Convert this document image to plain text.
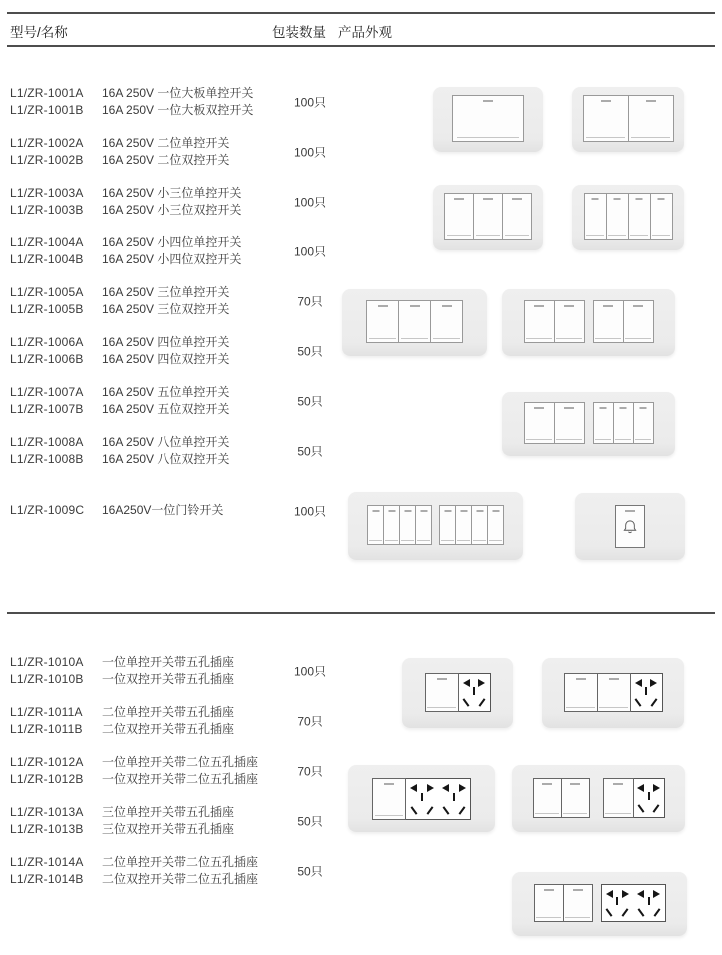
型号/名称	包装数量 产品外观
L1/ZR-1001A	16A 250V 一位大板单控开关
L1/ZR-1001B	16A 250V 一位大板双控开关
100只
L1/ZR-1002A	16A 250V 二位单控开关
L1/ZR-1002B	16A 250V 二位双控开关
100只
L1/ZR-1003A	16A 250V 小三位单控开关
L1/ZR-1003B	16A 250V 小三位双控开关
100只
L1/ZR-1004A	16A 250V 小四位单控开关
L1/ZR-1004B	16A 250V 小四位双控开关
100只
L1/ZR-1005A	16A 250V 三位单控开关
L1/ZR-1005B	16A 250V 三位双控开关
70只
L1/ZR-1006A	16A 250V 四位单控开关
L1/ZR-1006B	16A 250V 四位双控开关
50只
L1/ZR-1007A	16A 250V 五位单控开关
L1/ZR-1007B	16A 250V 五位双控开关
50只
L1/ZR-1008A	16A 250V 八位单控开关
L1/ZR-1008B	16A 250V 八位双控开关
50只
L1/ZR-1009C	16A250V一位门铃开关	100只
L1/ZR-1010A	一位单控开关带五孔插座
L1/ZR-1010B	一位双控开关带五孔插座
100只
L1/ZR-1011A	二位单控开关带五孔插座
L1/ZR-1011B	二位双控开关带五孔插座
70只
L1/ZR-1012A	一位单控开关带二位五孔插座
L1/ZR-1012B	一位双控开关带二位五孔插座
70只
L1/ZR-1013A	三位单控开关带五孔插座
L1/ZR-1013B	三位双控开关带五孔插座
50只
L1/ZR-1014A	二位单控开关带二位五孔插座
L1/ZR-1014B	二位双控开关带二位五孔插座
50只
